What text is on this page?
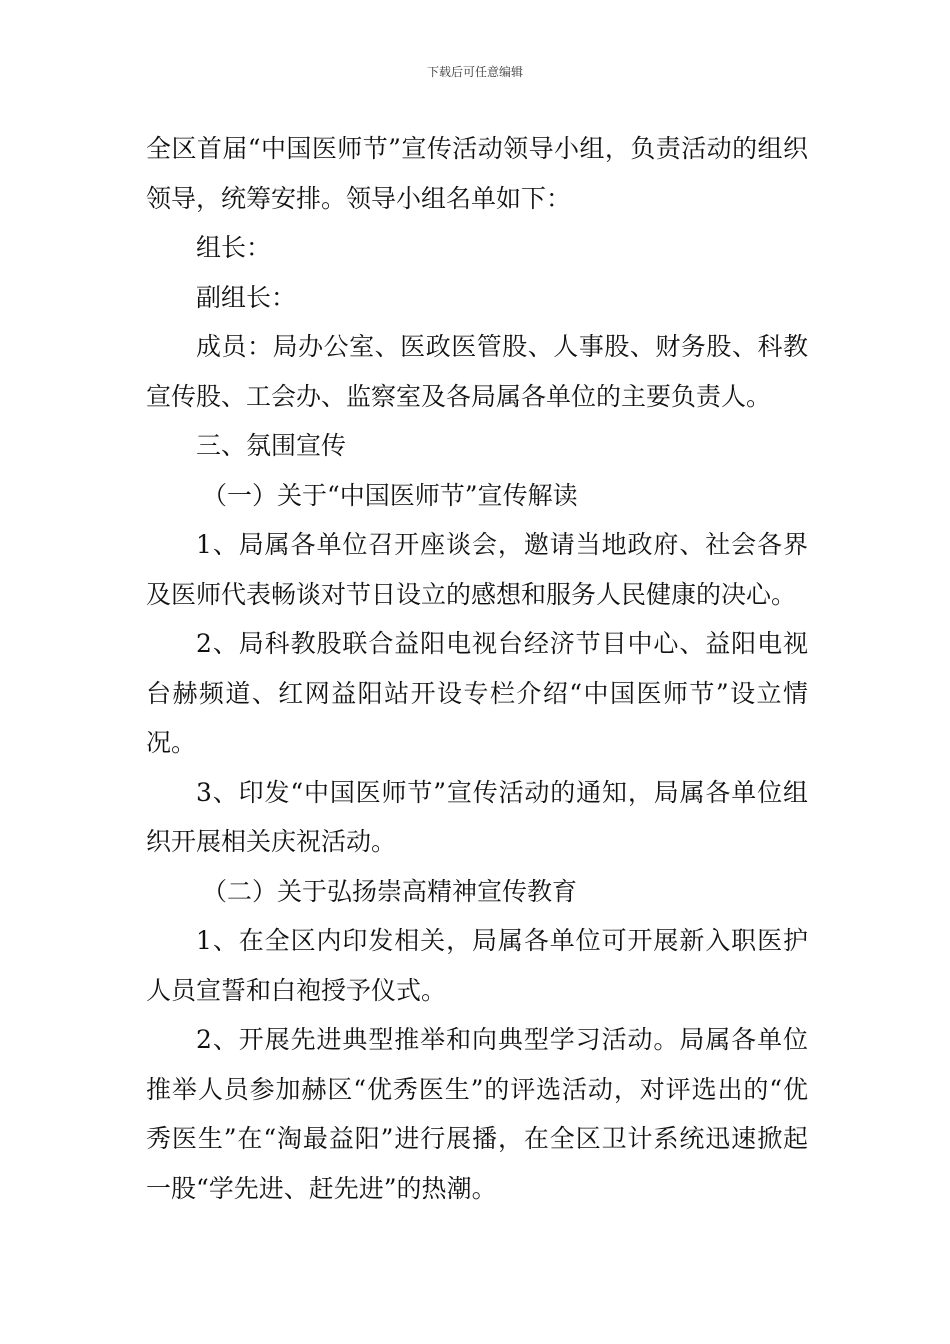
下载后可任意编辑

全区首届“中国医师节”宣传活动领导小组，负责活动的组织领导，统筹安排。领导小组名单如下：

组长：

副组长：

成员：局办公室、医政医管股、人事股、财务股、科教宣传股、工会办、监察室及各局属各单位的主要负责人。

三、氛围宣传

（一）关于“中国医师节”宣传解读

1、局属各单位召开座谈会，邀请当地政府、社会各界及医师代表畅谈对节日设立的感想和服务人民健康的决心。

2、局科教股联合益阳电视台经济节目中心、益阳电视台赫频道、红网益阳站开设专栏介绍“中国医师节”设立情况。

3、印发“中国医师节”宣传活动的通知，局属各单位组织开展相关庆祝活动。

（二）关于弘扬崇高精神宣传教育

1、在全区内印发相关，局属各单位可开展新入职医护人员宣誓和白袍授予仪式。

2、开展先进典型推举和向典型学习活动。局属各单位推举人员参加赫区“优秀医生”的评选活动，对评选出的“优秀医生”在“淘最益阳”进行展播，在全区卫计系统迅速掀起一股“学先进、赶先进”的热潮。
